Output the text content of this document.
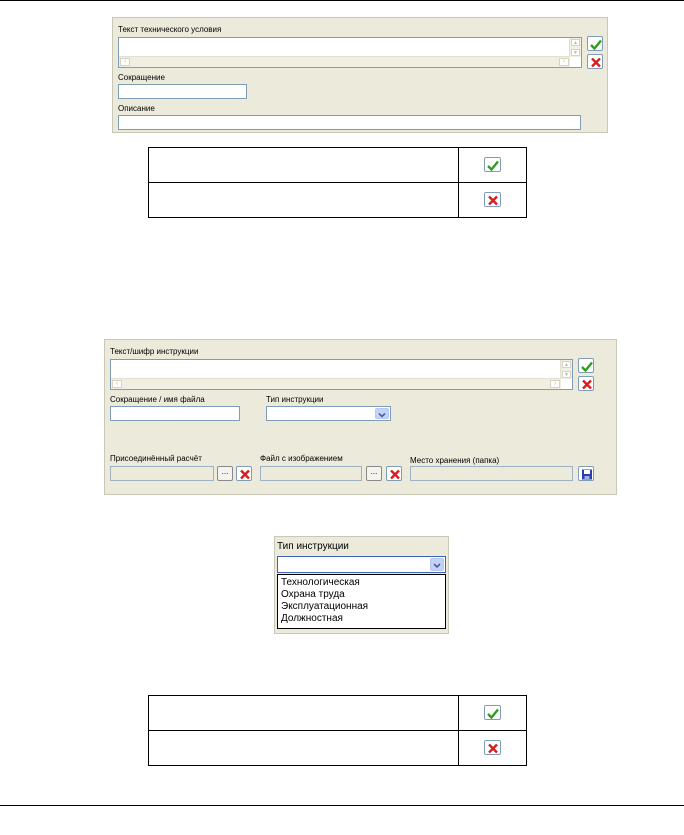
Текст технического условия
▲
▼
‹	›
Сокращение
Описание

Текст/шифр инструкции
▲
▼
‹	›
Сокращение / имя файла	Тип инструкции
Присоединённый расчёт
...
Файл с изображением
...
Место хранения (папка)
Тип инструкции
Технологическая
Охрана труда
Эксплуатационная
Должностная
